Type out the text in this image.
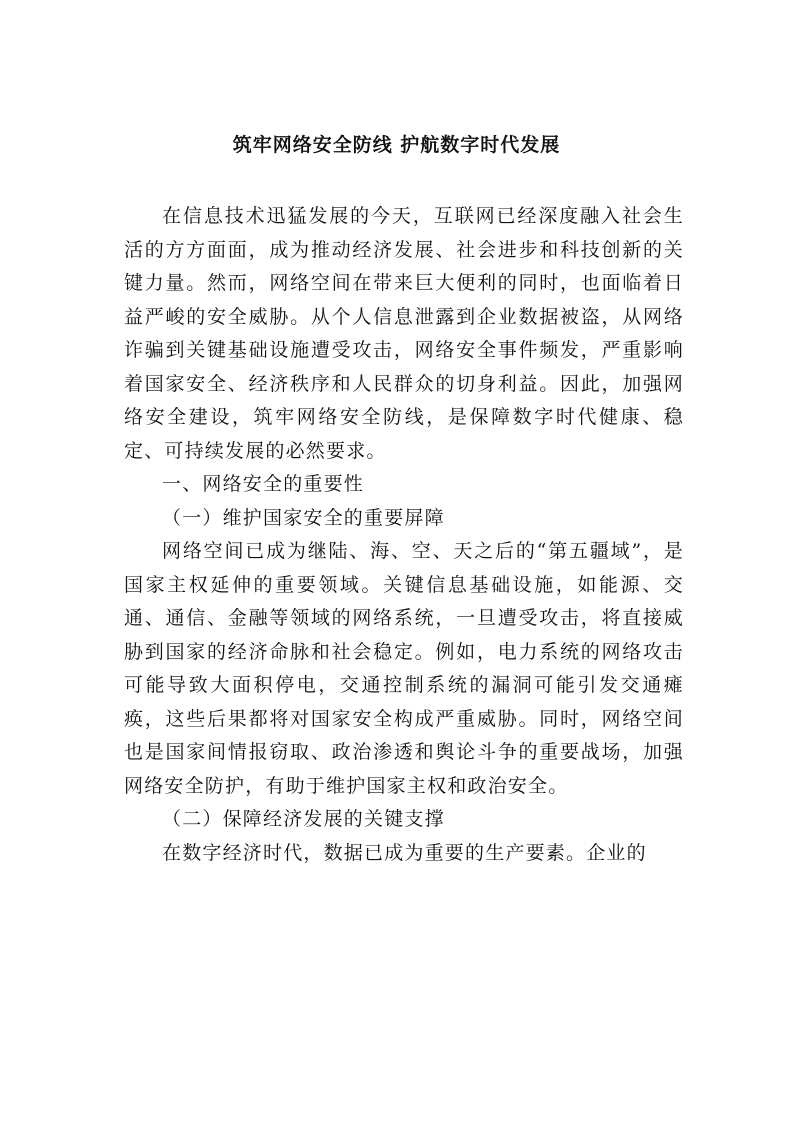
筑牢网络安全防线 护航数字时代发展

在信息技术迅猛发展的今天，互联网已经深度融入社会生活的方方面面，成为推动经济发展、社会进步和科技创新的关键力量。然而，网络空间在带来巨大便利的同时，也面临着日益严峻的安全威胁。从个人信息泄露到企业数据被盗，从网络诈骗到关键基础设施遭受攻击，网络安全事件频发，严重影响着国家安全、经济秩序和人民群众的切身利益。因此，加强网络安全建设，筑牢网络安全防线，是保障数字时代健康、稳定、可持续发展的必然要求。

一、网络安全的重要性

（一）维护国家安全的重要屏障

网络空间已成为继陆、海、空、天之后的“第五疆域”，是国家主权延伸的重要领域。关键信息基础设施，如能源、交通、通信、金融等领域的网络系统，一旦遭受攻击，将直接威胁到国家的经济命脉和社会稳定。例如，电力系统的网络攻击可能导致大面积停电，交通控制系统的漏洞可能引发交通瘫痪，这些后果都将对国家安全构成严重威胁。同时，网络空间也是国家间情报窃取、政治渗透和舆论斗争的重要战场，加强网络安全防护，有助于维护国家主权和政治安全。

（二）保障经济发展的关键支撑

在数字经济时代，数据已成为重要的生产要素。企业的
